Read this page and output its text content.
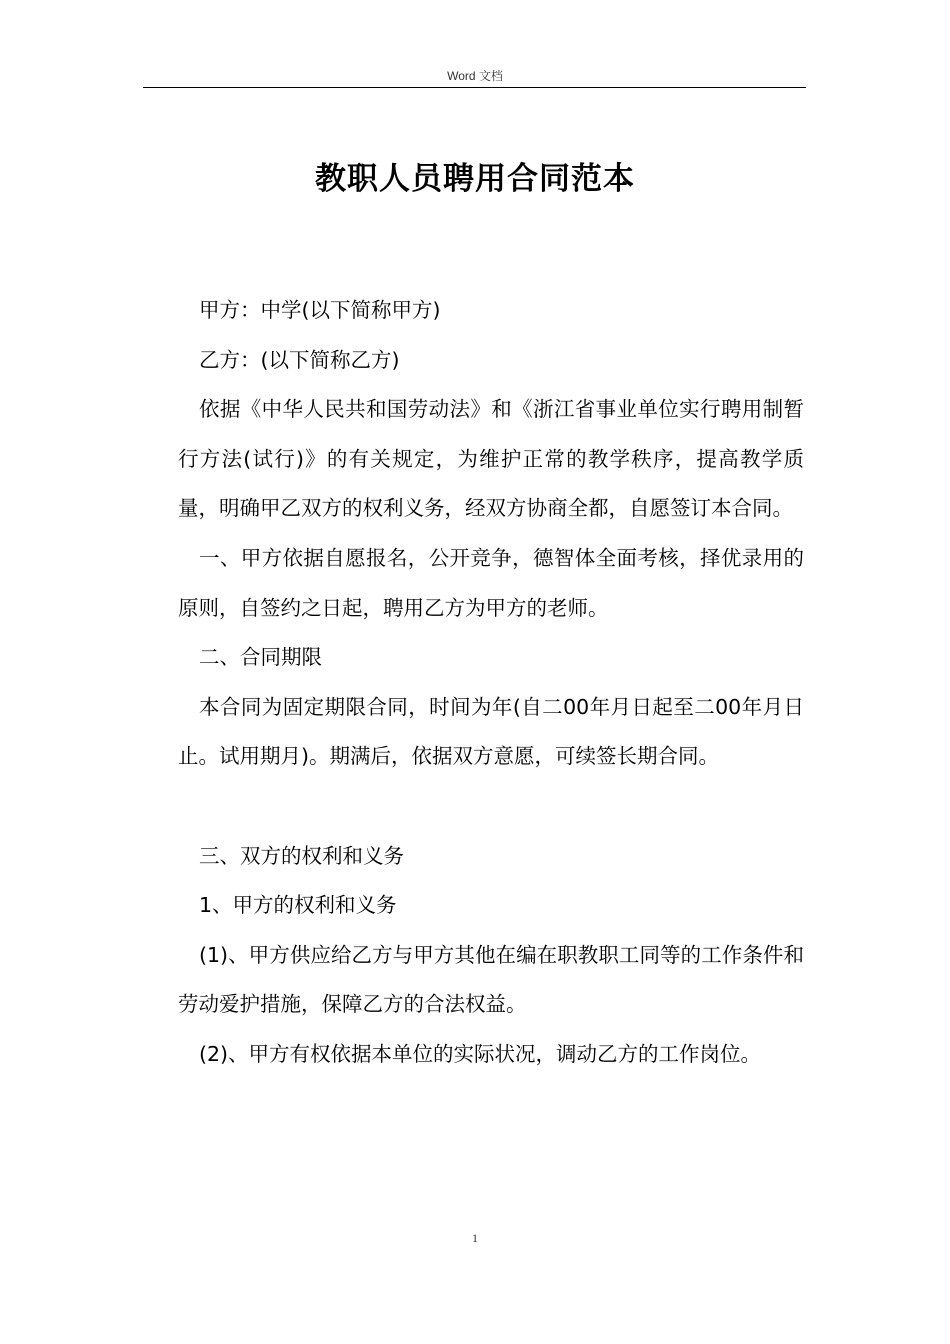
Word 文档
教职人员聘用合同范本

甲方：中学(以下简称甲方)

乙方：(以下简称乙方)

依据《中华人民共和国劳动法》和《浙江省事业单位实行聘用制暂行方法(试行)》的有关规定，为维护正常的教学秩序，提高教学质量，明确甲乙双方的权利义务，经双方协商全都，自愿签订本合同。

一、甲方依据自愿报名，公开竞争，德智体全面考核，择优录用的原则，自签约之日起，聘用乙方为甲方的老师。

二、合同期限

本合同为固定期限合同，时间为年(自二00年月日起至二00年月日止。试用期月)。期满后，依据双方意愿，可续签长期合同。

三、双方的权利和义务

1、甲方的权利和义务

(1)、甲方供应给乙方与甲方其他在编在职教职工同等的工作条件和劳动爱护措施，保障乙方的合法权益。

(2)、甲方有权依据本单位的实际状况，调动乙方的工作岗位。

1
